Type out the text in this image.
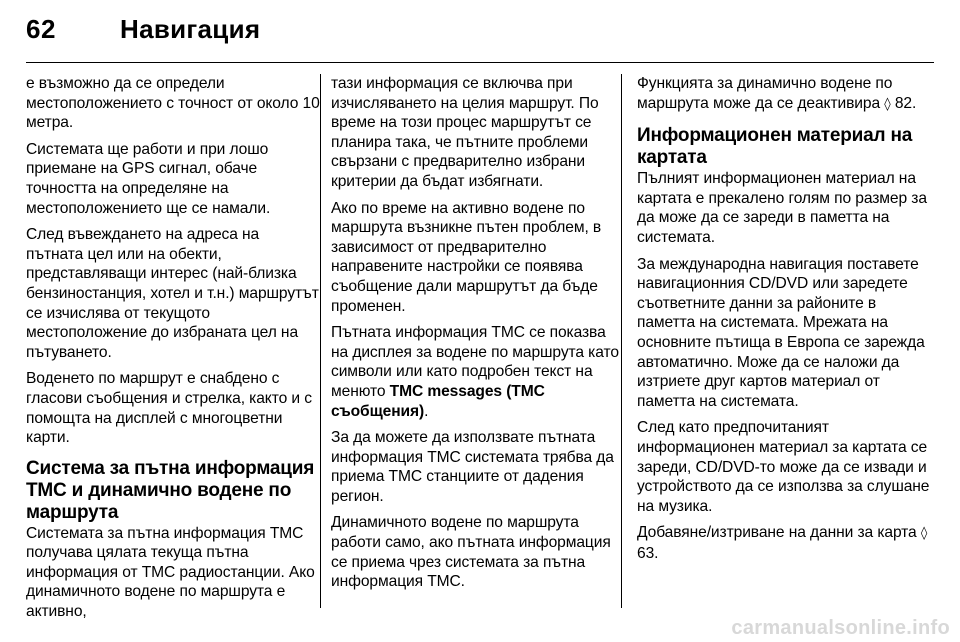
62 Навигация

е възможно да се определи местоположението с точност от около 10 метра.

Системата ще работи и при лошо приемане на GPS сигнал, обаче точността на определяне на местоположението ще се намали.

След въвеждането на адреса на пътната цел или на обекти, представляващи интерес (най-близка бензиностанция, хотел и т.н.) маршрутът се изчислява от текущото местоположение до избраната цел на пътуването.

Воденето по маршрут е снабдено с гласови съобщения и стрелка, както и с помощта на дисплей с многоцветни карти.

Система за пътна информация TMC и динамично водене по маршрута

Системата за пътна информация TMC получава цялата текуща пътна информация от TMC радиостанции. Ако динамичното водене по маршрута е активно,

тази информация се включва при изчисляването на целия маршрут. По време на този процес маршрутът се планира така, че пътните проблеми свързани с предварително избрани критерии да бъдат избягнати.

Ако по време на активно водене по маршрута възникне пътен проблем, в зависимост от предварително направените настройки се появява съобщение дали маршрутът да бъде променен.

Пътната информация TMC се показва на дисплея за водене по маршрута като символи или като подробен текст на менюто TMC messages (TMC съобщения).

За да можете да използвате пътната информация TMC системата трябва да приема TMC станциите от дадения регион.

Динамичното водене по маршрута работи само, ако пътната информация се приема чрез системата за пътна информация TMC.

Функцията за динамично водене по маршрута може да се деактивира ◊ 82.

Информационен материал на картата

Пълният информационен материал на картата е прекалено голям по размер за да може да се зареди в паметта на системата.

За международна навигация поставете навигационния CD/DVD или заредете съответните данни за районите в паметта на системата. Мрежата на основните пътища в Европа се зарежда автоматично. Може да се наложи да изтриете друг картов материал от паметта на системата.

След като предпочитаният информационен материал за картата се зареди, CD/DVD-то може да се извади и устройството да се използва за слушане на музика.

Добавяне/изтриване на данни за карта ◊ 63.

carmanualsonline.info
